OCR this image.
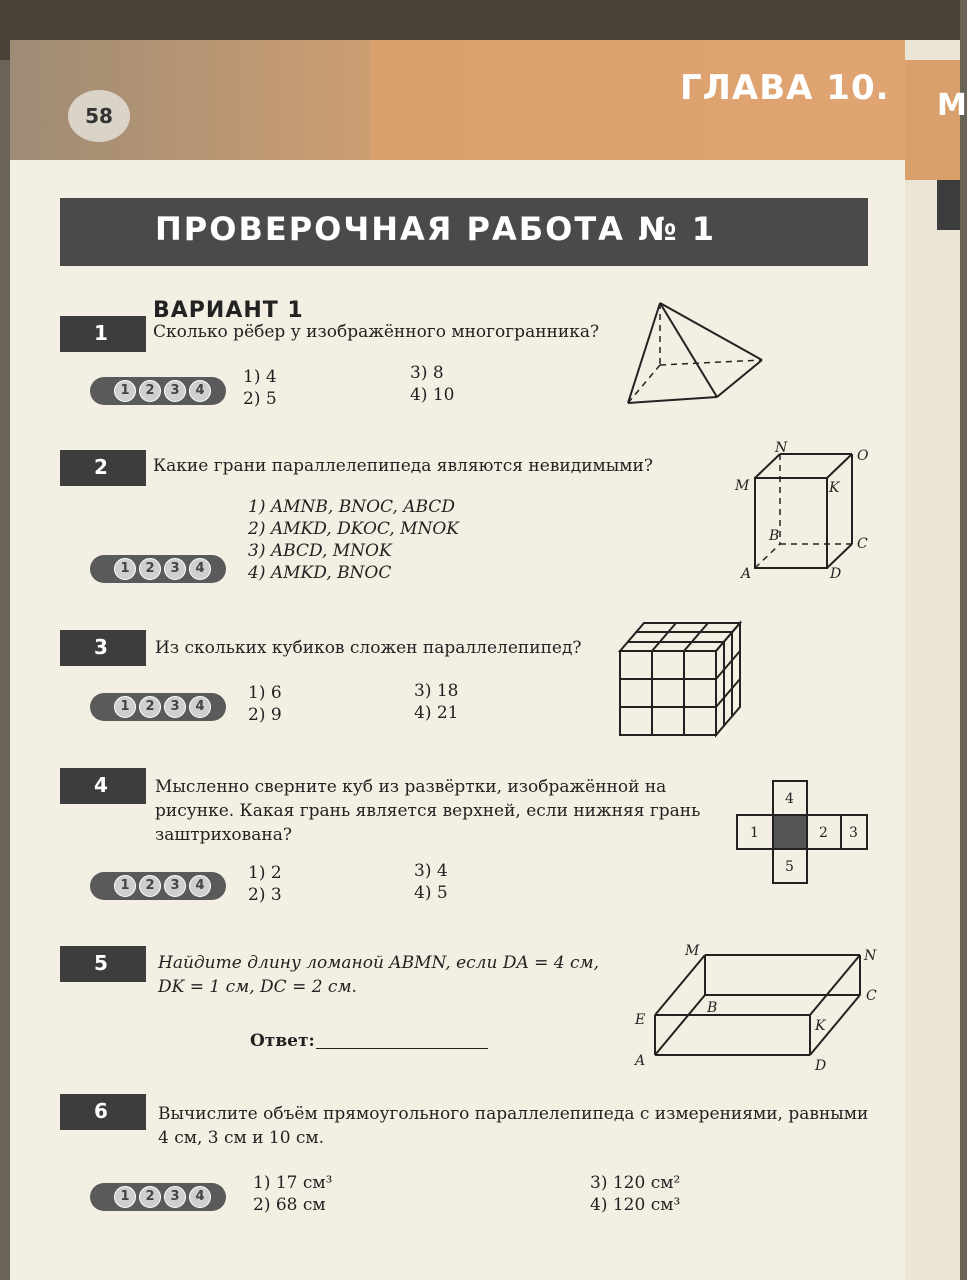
М
58
ГЛАВА 10.
ПРОВЕРОЧНАЯ РАБОТА № 1
ВАРИАНТ 1
1	Сколько рёбер у изображённого многогранника?
1	2	3	4
1) 4
2) 5
3) 8
4) 10
2	Какие грани параллелепипеда являются невидимыми?
1	2	3	4
1) AMNB, BNOC, ABCD
2) AMKD, DKOC, MNOK
3) ABCD, MNOK
4) AMKD, BNOC
N	O
M	K
B	C
A	D
3	Из скольких кубиков сложен параллелепипед?
1	2	3	4
1) 6
2) 9
3) 18
4) 21
4	Мысленно сверните куб из развёртки, изображённой на
рисунке. Какая грань является верхней, если нижняя грань
заштрихована?
1	2	3	4
1) 2
2) 3
3) 4
4) 5
4
1	2 3
5
5	Найдите длину ломаной ABMN, если DA = 4 см,
DK = 1 см, DC = 2 см.
Ответ:
M	N
C
B
E	K
A	D
6	Вычислите объём прямоугольного параллелепипеда с измерениями, равными
4 см, 3 см и 10 см.
1	2	3	4
1) 17 см³
2) 68 см
3) 120 см²
4) 120 см³
